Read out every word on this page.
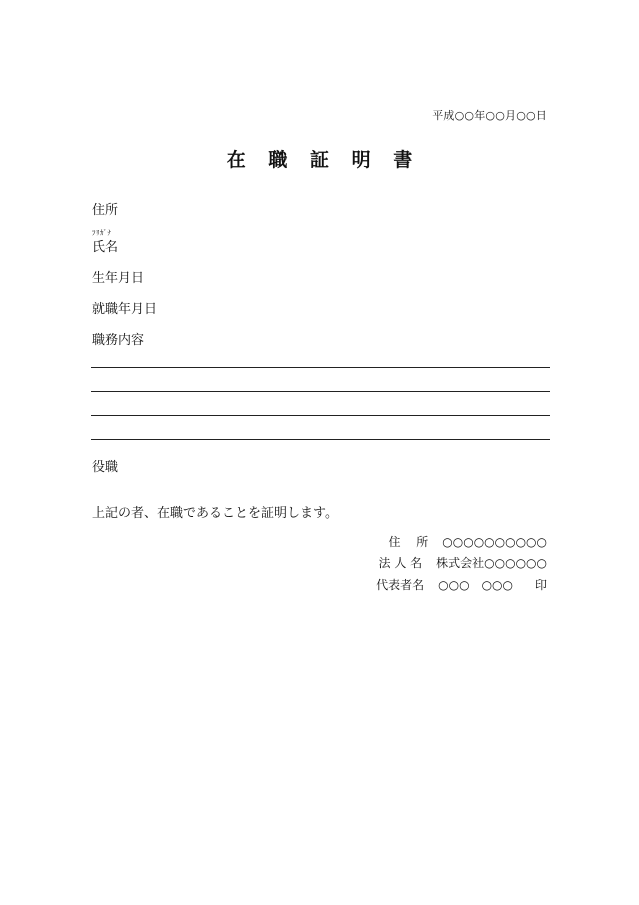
平成○○年○○月○○日
在 職 証 明 書
住所
ﾌﾘｶﾞﾅ
氏名
生年月日
就職年月日
職務内容
役職
上記の者、在職であることを証明します。
住　 所 ○○○○○○○○○○
法 人 名 株式会社○○○○○○
代表者名 ○○○　○○○ 印
